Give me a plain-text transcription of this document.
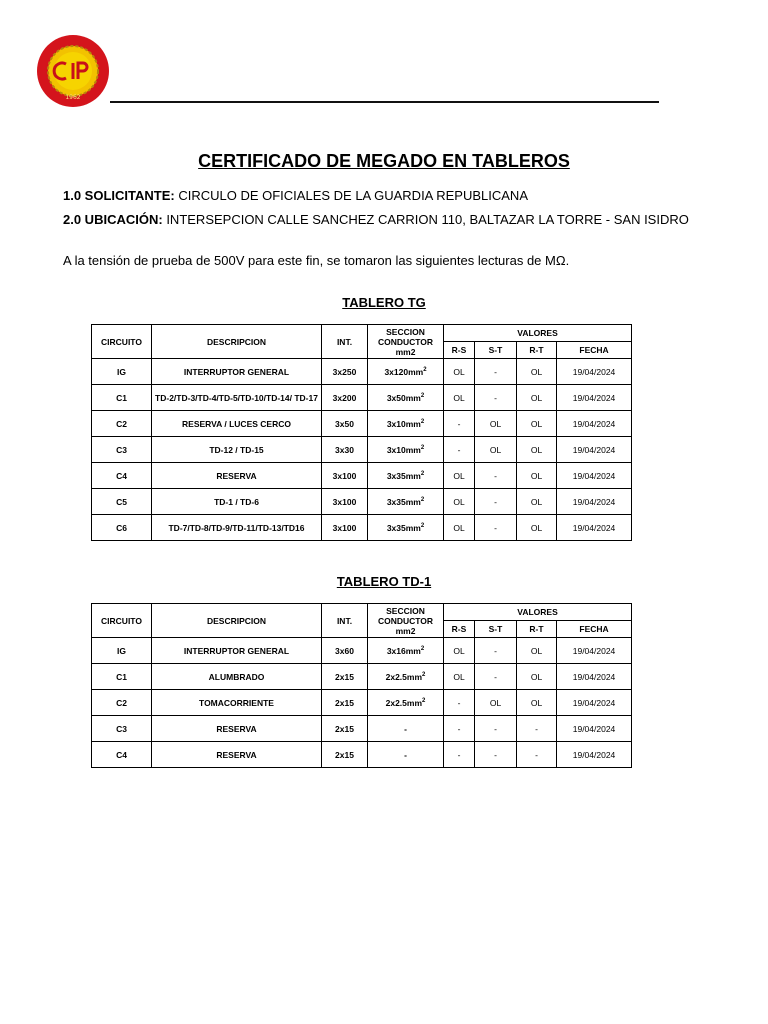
1962
CERTIFICADO DE MEGADO EN TABLEROS
1.0 SOLICITANTE: CIRCULO DE OFICIALES DE LA GUARDIA REPUBLICANA
2.0 UBICACIÓN: INTERSEPCION CALLE SANCHEZ CARRION 110, BALTAZAR LA TORRE - SAN ISIDRO
A la tensión de prueba de 500V para este fin, se tomaron las siguientes lecturas de MΩ.
TABLERO TG
CIRCUITO	DESCRIPCION	INT.	SECCION CONDUCTOR mm2	VALORES			
				R-S	S-T	R-T	FECHA
IG	INTERRUPTOR GENERAL	3x250	$3x120mm^2$	OL	-	OL	19/04/2024
C1	TD-2/TD-3/TD-4/TD-5/TD-10/TD-14/ TD-17	3x200	$3x50mm^2$	OL	-	OL	19/04/2024
C2	RESERVA / LUCES CERCO	3x50	$3x10mm^2$	-	OL	OL	19/04/2024
C3	TD-12 / TD-15	3x30	$3x10mm^2$	-	OL	OL	19/04/2024
C4	RESERVA	3x100	$3x35mm^2$	OL	-	OL	19/04/2024
C5	TD-1 / TD-6	3x100	$3x35mm^2$	OL	-	OL	19/04/2024
C6	TD-7/TD-8/TD-9/TD-11/TD-13/TD16	3x100	$3x35mm^2$	OL	-	OL	19/04/2024
TABLERO TD-1
CIRCUITO	DESCRIPCION	INT.	SECCION CONDUCTOR mm2	VALORES			
				R-S	S-T	R-T	FECHA
IG	INTERRUPTOR GENERAL	3x60	$3x16mm^2$	OL	-	OL	19/04/2024
C1	ALUMBRADO	2x15	$2x2.5mm^2$	OL	-	OL	19/04/2024
C2	TOMACORRIENTE	2x15	$2x2.5mm^2$	-	OL	OL	19/04/2024
C3	RESERVA	2x15	-	-	-	-	19/04/2024
C4	RESERVA	2x15	-	-	-	-	19/04/2024
